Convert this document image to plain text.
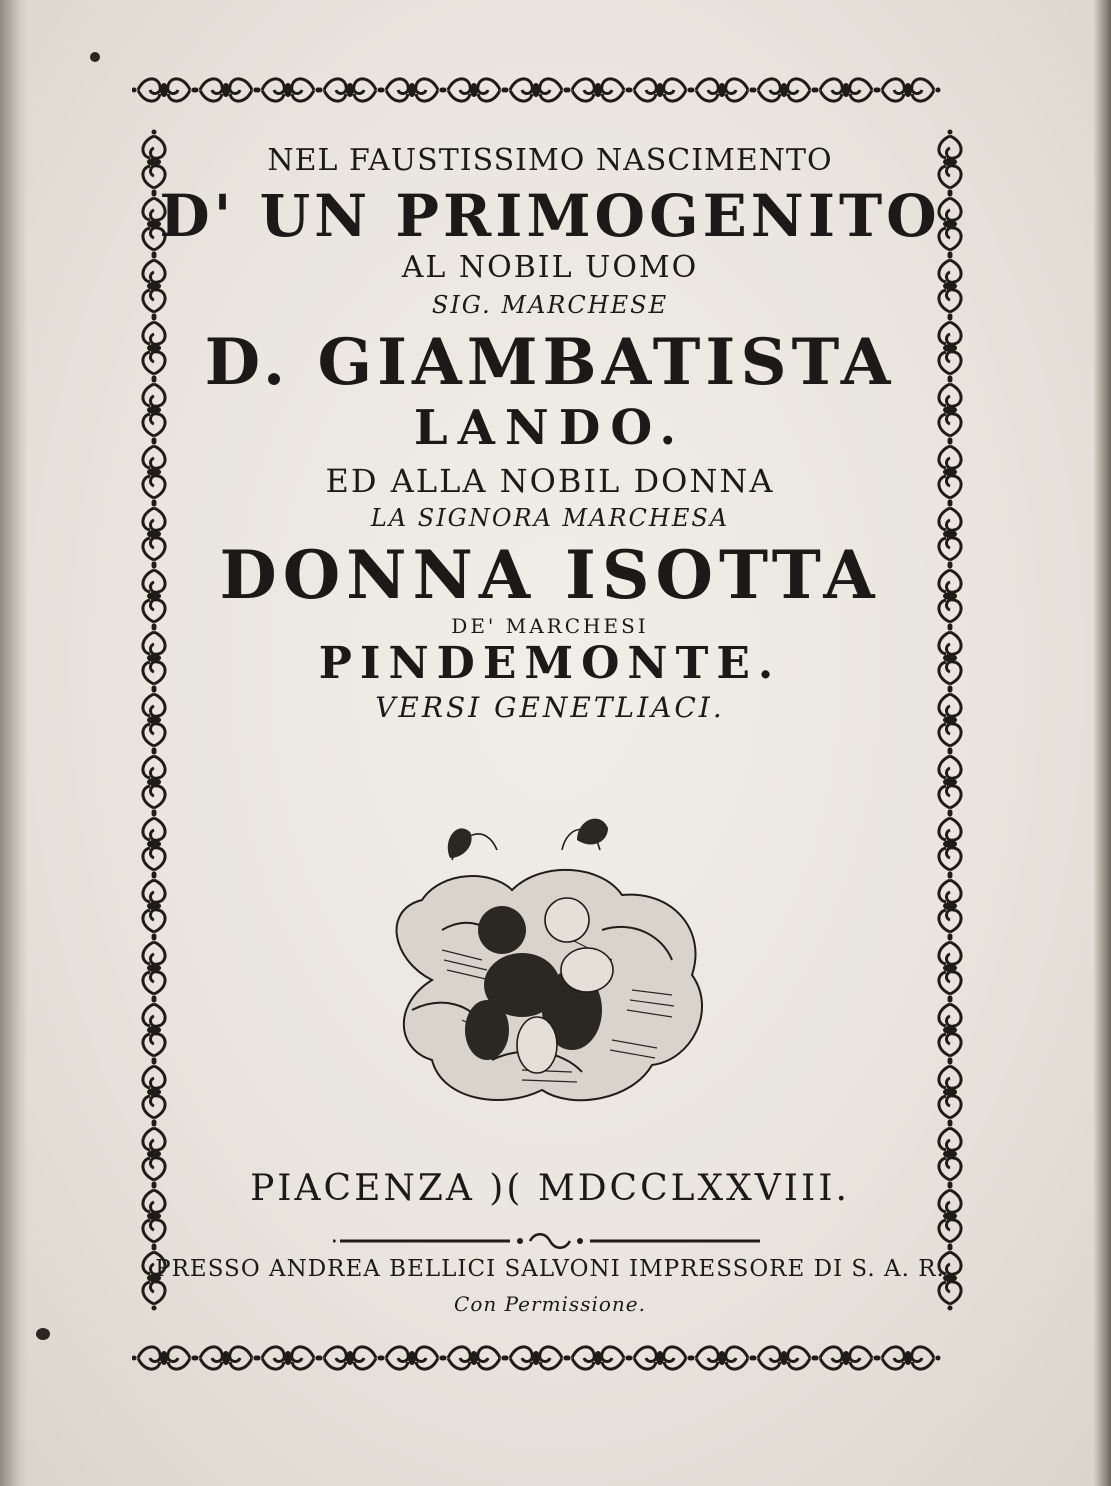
NEL FAUSTISSIMO NASCIMENTO
D' UN PRIMOGENITO
AL NOBIL UOMO
SIG. MARCHESE
D. GIAMBATISTA
LANDO.
ED ALLA NOBIL DONNA
LA SIGNORA MARCHESA
DONNA ISOTTA
DE' MARCHESI
PINDEMONTE.
VERSI GENETLIACI.
PIACENZA )( MDCCLXXVIII.
PRESSO ANDREA BELLICI SALVONI IMPRESSORE DI S. A. R.
Con Permissione.
